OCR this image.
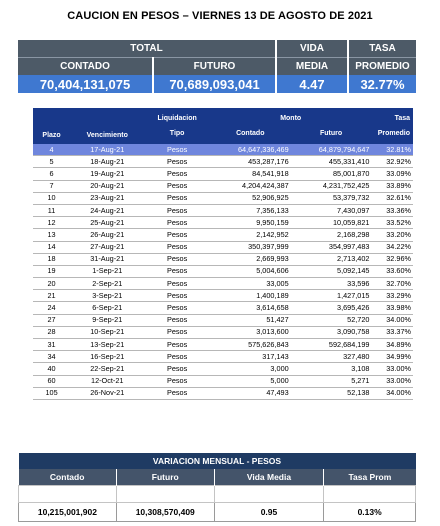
CAUCION EN PESOS – VIERNES 13 DE AGOSTO DE 2021
TOTAL		VIDA	TASA
CONTADO	FUTURO	MEDIA	PROMEDIO
70,404,131,075	70,689,093,041	4.47	32.77%
Plazo	Vencimiento	Liquidacion	Monto		Tasa
		Tipo	Contado	Futuro	Promedio
4	17-Aug-21	Pesos	64,647,336,469	64,879,794,647	32.81%
5	18-Aug-21	Pesos	453,287,176	455,331,410	32.92%
6	19-Aug-21	Pesos	84,541,918	85,001,870	33.09%
7	20-Aug-21	Pesos	4,204,424,387	4,231,752,425	33.89%
10	23-Aug-21	Pesos	52,906,925	53,379,732	32.61%
11	24-Aug-21	Pesos	7,356,133	7,430,097	33.36%
12	25-Aug-21	Pesos	9,950,159	10,059,821	33.52%
13	26-Aug-21	Pesos	2,142,952	2,168,298	33.20%
14	27-Aug-21	Pesos	350,397,999	354,997,483	34.22%
18	31-Aug-21	Pesos	2,669,993	2,713,402	32.96%
19	1-Sep-21	Pesos	5,004,606	5,092,145	33.60%
20	2-Sep-21	Pesos	33,005	33,596	32.70%
21	3-Sep-21	Pesos	1,400,189	1,427,015	33.29%
24	6-Sep-21	Pesos	3,614,658	3,695,426	33.98%
27	9-Sep-21	Pesos	51,427	52,720	34.00%
28	10-Sep-21	Pesos	3,013,600	3,090,758	33.37%
31	13-Sep-21	Pesos	575,626,843	592,684,199	34.89%
34	16-Sep-21	Pesos	317,143	327,480	34.99%
40	22-Sep-21	Pesos	3,000	3,108	33.00%
60	12-Oct-21	Pesos	5,000	5,271	33.00%
105	26-Nov-21	Pesos	47,493	52,138	34.00%
VARIACION MENSUAL - PESOS			
Contado	Futuro	Vida Media	Tasa Prom

10,215,001,902	10,308,570,409	0.95	0.13%
